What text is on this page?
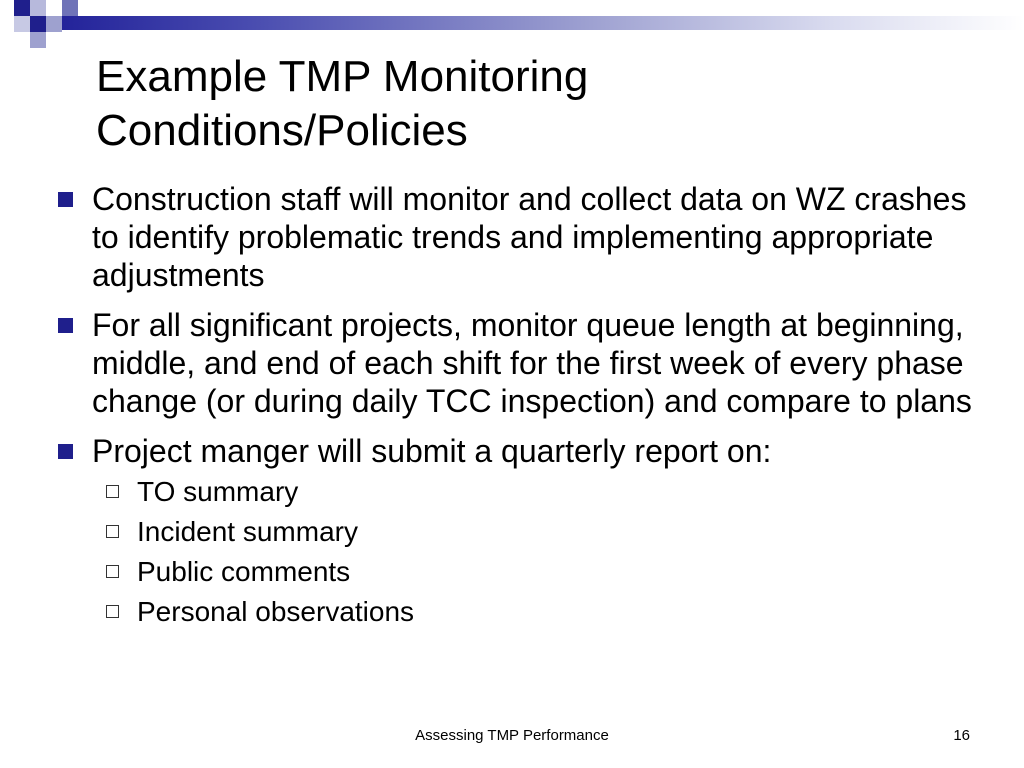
Example TMP Monitoring
Conditions/Policies
Construction staff will monitor and collect data on WZ crashes to identify problematic trends and implementing appropriate adjustments
For all significant projects, monitor queue length at beginning, middle, and end of each shift for the first week of every phase change (or during daily TCC inspection) and compare to plans
Project manger will submit a quarterly report on:
TO summary
Incident summary
Public comments
Personal observations
Assessing TMP Performance	16
